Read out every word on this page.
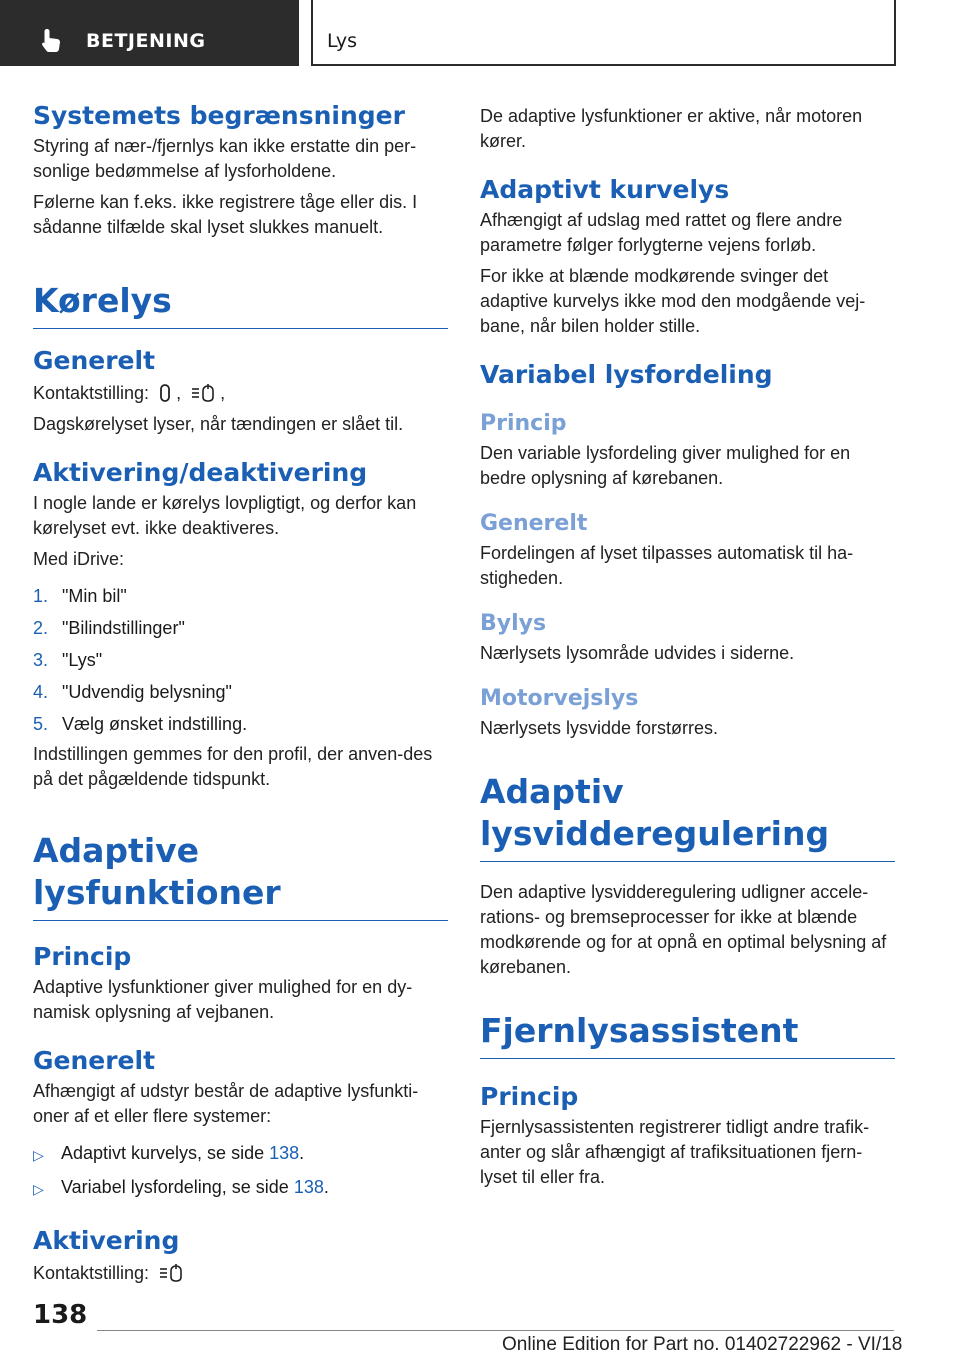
BETJENING	Lys
Systemets begrænsninger
Styring af nær-/fjernlys kan ikke erstatte din per-sonlige bedømmelse af lysforholdene.
Følerne kan f.eks. ikke registrere tåge eller dis. I sådanne tilfælde skal lyset slukkes manuelt.
Kørelys
Generelt
Kontaktstilling: , ,
Dagskørelyset lyser, når tændingen er slået til.
Aktivering/deaktivering
I nogle lande er kørelys lovpligtigt, og derfor kan kørelyset evt. ikke deaktiveres.
Med iDrive:
1. "Min bil"
2. "Bilindstillinger"
3. "Lys"
4. "Udvendig belysning"
5. Vælg ønsket indstilling.
Indstillingen gemmes for den profil, der anven-des på det pågældende tidspunkt.
Adaptive lysfunktioner
Princip
Adaptive lysfunktioner giver mulighed for en dy-namisk oplysning af vejbanen.
Generelt
Afhængigt af udstyr består de adaptive lysfunkti-oner af et eller flere systemer:
▷ Adaptivt kurvelys, se side 138.
▷ Variabel lysfordeling, se side 138.
Aktivering
Kontaktstilling:
De adaptive lysfunktioner er aktive, når motoren kører.
Adaptivt kurvelys
Afhængigt af udslag med rattet og flere andre parametre følger forlygterne vejens forløb.
For ikke at blænde modkørende svinger det adaptive kurvelys ikke mod den modgående vej-bane, når bilen holder stille.
Variabel lysfordeling
Princip
Den variable lysfordeling giver mulighed for en bedre oplysning af kørebanen.
Generelt
Fordelingen af lyset tilpasses automatisk til ha-stigheden.
Bylys
Nærlysets lysområde udvides i siderne.
Motorvejslys
Nærlysets lysvidde forstørres.
Adaptiv lysvidderegulering
Den adaptive lysvidderegulering udligner accele-rations- og bremseprocesser for ikke at blænde modkørende og for at opnå en optimal belysning af kørebanen.
Fjernlysassistent
Princip
Fjernlysassistenten registrerer tidligt andre trafik-anter og slår afhængigt af trafiksituationen fjern-lyset til eller fra.
138
Online Edition for Part no. 01402722962 - VI/18
